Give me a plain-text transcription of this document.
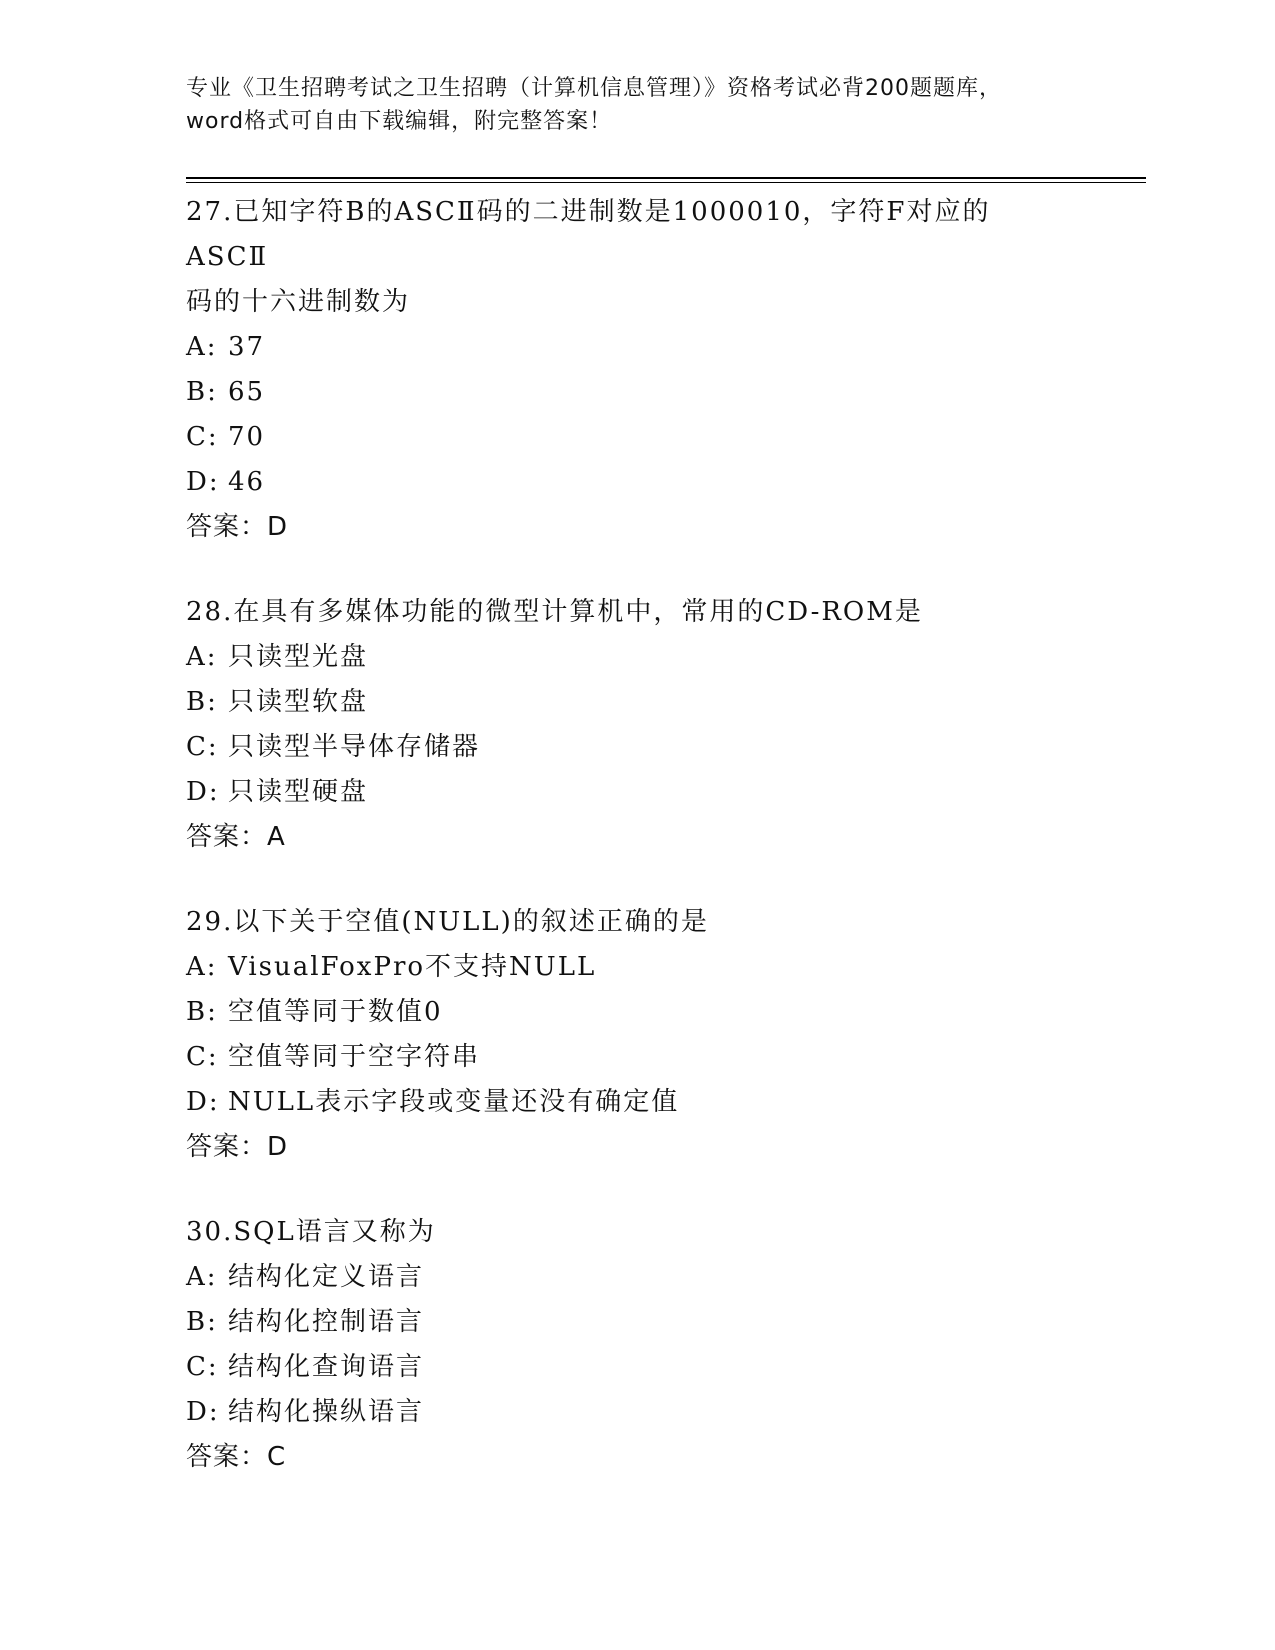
专业《卫生招聘考试之卫生招聘（计算机信息管理）》资格考试必背200题题库，
word格式可自由下载编辑，附完整答案！
27.已知字符B的ASCⅡ码的二进制数是1000010，字符F对应的ASCⅡ
码的十六进制数为
A: 37
B: 65
C: 70
D: 46
答案：D
28.在具有多媒体功能的微型计算机中，常用的CD-ROM是
A: 只读型光盘
B: 只读型软盘
C: 只读型半导体存储器
D: 只读型硬盘
答案：A
29.以下关于空值(NULL)的叙述正确的是
A: VisualFoxPro不支持NULL
B: 空值等同于数值0
C: 空值等同于空字符串
D: NULL表示字段或变量还没有确定值
答案：D
30.SQL语言又称为
A: 结构化定义语言
B: 结构化控制语言
C: 结构化查询语言
D: 结构化操纵语言
答案：C
